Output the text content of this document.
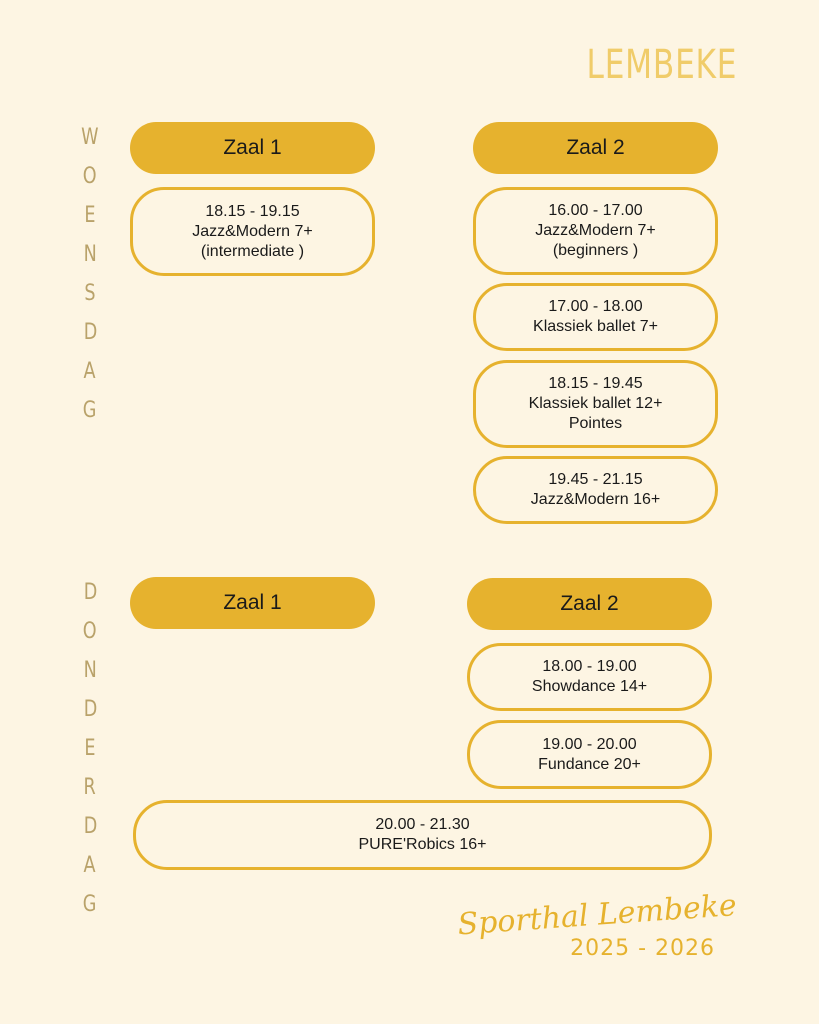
LEMBEKE
W
O
E
N
S
D
A
G
D
O
N
D
E
R
D
A
G
Zaal 1	Zaal 2
18.15 - 19.15
Jazz&Modern 7+
(intermediate )
16.00 - 17.00
Jazz&Modern 7+
(beginners )
17.00 - 18.00
Klassiek ballet 7+
18.15 - 19.45
Klassiek ballet 12+
Pointes
19.45 - 21.15
Jazz&Modern 16+
Zaal 1	Zaal 2
18.00 - 19.00
Showdance 14+
19.00 - 20.00
Fundance 20+
20.00 - 21.30
PURE'Robics 16+
Sporthal Lembeke
2025 - 2026
